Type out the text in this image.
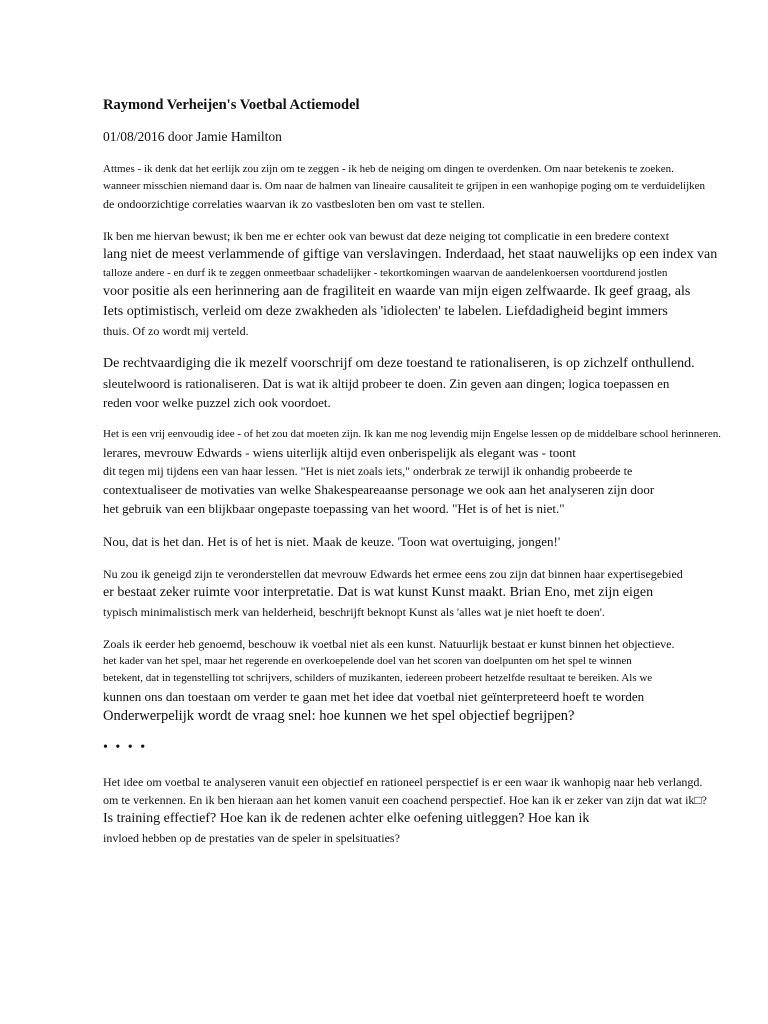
Raymond Verheijen's Voetbal Actiemodel
01/08/2016 door Jamie Hamilton
Attmes - ik denk dat het eerlijk zou zijn om te zeggen - ik heb de neiging om dingen te overdenken. Om naar betekenis te zoeken.
wanneer misschien niemand daar is. Om naar de halmen van lineaire causaliteit te grijpen in een wanhopige poging om te verduidelijken
de ondoorzichtige correlaties waarvan ik zo vastbesloten ben om vast te stellen.
Ik ben me hiervan bewust; ik ben me er echter ook van bewust dat deze neiging tot complicatie in een bredere context
lang niet de meest verlammende of giftige van verslavingen. Inderdaad, het staat nauwelijks op een index van
talloze andere - en durf ik te zeggen onmeetbaar schadelijker - tekortkomingen waarvan de aandelenkoersen voortdurend jostlen
voor positie als een herinnering aan de fragiliteit en waarde van mijn eigen zelfwaarde. Ik geef graag, als
Iets optimistisch, verleid om deze zwakheden als 'idiolecten' te labelen. Liefdadigheid begint immers
thuis. Of zo wordt mij verteld.
De rechtvaardiging die ik mezelf voorschrijf om deze toestand te rationaliseren, is op zichzelf onthullend.
sleutelwoord is rationaliseren. Dat is wat ik altijd probeer te doen. Zin geven aan dingen; logica toepassen en
reden voor welke puzzel zich ook voordoet.
Het is een vrij eenvoudig idee - of het zou dat moeten zijn. Ik kan me nog levendig mijn Engelse lessen op de middelbare school herinneren.
lerares, mevrouw Edwards - wiens uiterlijk altijd even onberispelijk als elegant was - toont
dit tegen mij tijdens een van haar lessen. "Het is niet zoals iets," onderbrak ze terwijl ik onhandig probeerde te
contextualiseer de motivaties van welke Shakespeareaanse personage we ook aan het analyseren zijn door
het gebruik van een blijkbaar ongepaste toepassing van het woord. "Het is of het is niet."
Nou, dat is het dan. Het is of het is niet. Maak de keuze. 'Toon wat overtuiging, jongen!'
Nu zou ik geneigd zijn te veronderstellen dat mevrouw Edwards het ermee eens zou zijn dat binnen haar expertisegebied
er bestaat zeker ruimte voor interpretatie. Dat is wat kunst Kunst maakt. Brian Eno, met zijn eigen
typisch minimalistisch merk van helderheid, beschrijft beknopt Kunst als 'alles wat je niet hoeft te doen'.
Zoals ik eerder heb genoemd, beschouw ik voetbal niet als een kunst. Natuurlijk bestaat er kunst binnen het objectieve.
het kader van het spel, maar het regerende en overkoepelende doel van het scoren van doelpunten om het spel te winnen
betekent, dat in tegenstelling tot schrijvers, schilders of muzikanten, iedereen probeert hetzelfde resultaat te bereiken. Als we
kunnen ons dan toestaan om verder te gaan met het idee dat voetbal niet geïnterpreteerd hoeft te worden
Onderwerpelijk wordt de vraag snel: hoe kunnen we het spel objectief begrijpen?
• • • •
Het idee om voetbal te analyseren vanuit een objectief en rationeel perspectief is er een waar ik wanhopig naar heb verlangd.
om te verkennen. En ik ben hieraan aan het komen vanuit een coachend perspectief. Hoe kan ik er zeker van zijn dat wat ik□?
Is training effectief? Hoe kan ik de redenen achter elke oefening uitleggen? Hoe kan ik
invloed hebben op de prestaties van de speler in spelsituaties?
